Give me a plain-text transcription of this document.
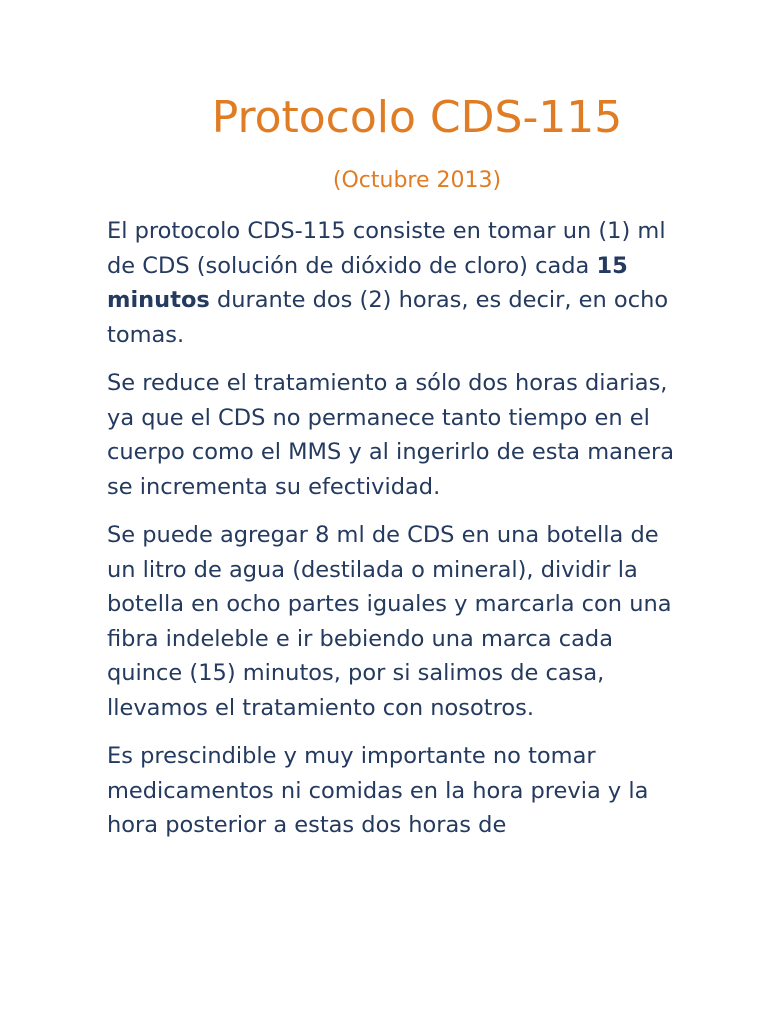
Protocolo CDS-115
(Octubre 2013)

El protocolo CDS-115 consiste en tomar un (1) ml de CDS (solución de dióxido de cloro) cada 15 minutos durante dos (2) horas, es decir, en ocho tomas.

Se reduce el tratamiento a sólo dos horas diarias, ya que el CDS no permanece tanto tiempo en el cuerpo como el MMS y al ingerirlo de esta manera se incrementa su efectividad.

Se puede agregar 8 ml de CDS en una botella de un litro de agua (destilada o mineral), dividir la botella en ocho partes iguales y marcarla con una fibra indeleble e ir bebiendo una marca cada quince (15) minutos, por si salimos de casa, llevamos el tratamiento con nosotros.

Es prescindible y muy importante no tomar medicamentos ni comidas en la hora previa y la hora posterior a estas dos horas de
